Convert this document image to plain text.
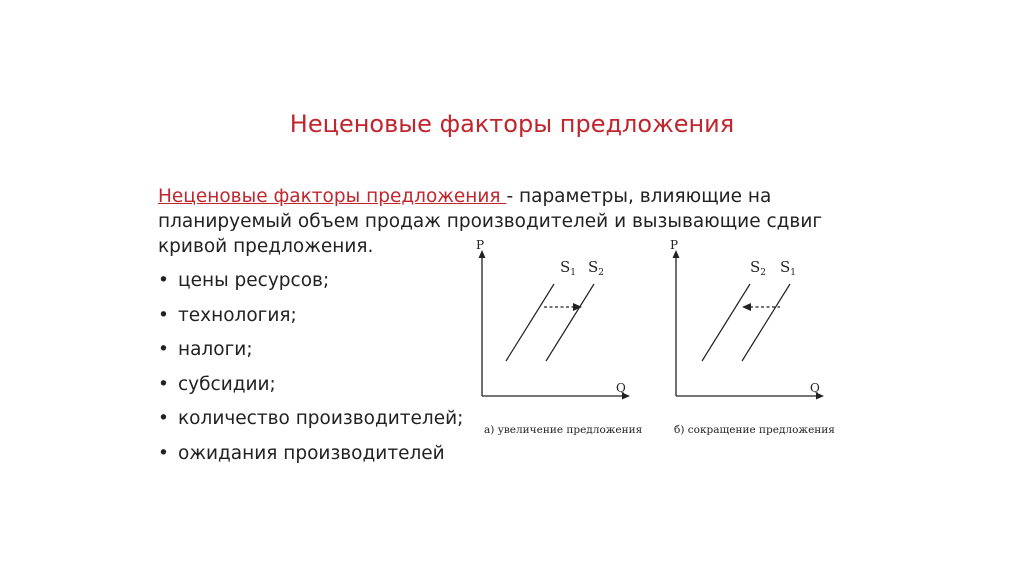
Неценовые факторы предложения
Неценовые факторы предложения - параметры, влияющие на планируемый объем продаж производителей и вызывающие сдвиг кривой предложения.
• цены ресурсов;
• технология;
• налоги;
• субсидии;
• количество производителей;
• ожидания производителей
P
Q
$S_1$ $S_2$
а) увеличение предложения
P
Q
$S_2$ $S_1$
б) сокращение предложения
